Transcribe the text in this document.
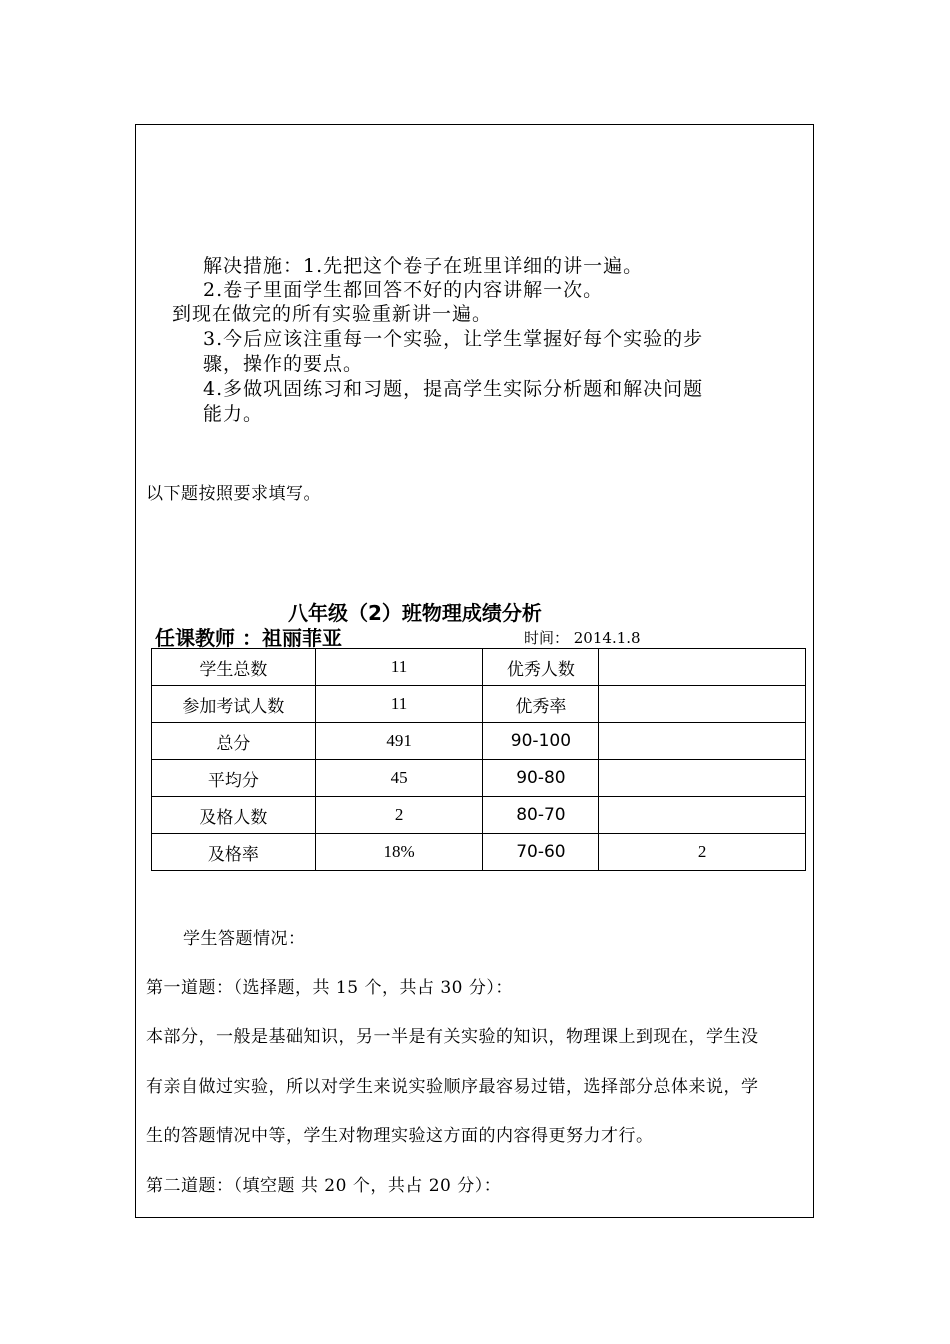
解决措施：1.先把这个卷子在班里详细的讲一遍。
2.卷子里面学生都回答不好的内容讲解一次。
到现在做完的所有实验重新讲一遍。
3.今后应该注重每一个实验，让学生掌握好每个实验的步
骤，操作的要点。
4.多做巩固练习和习题，提高学生实际分析题和解决问题
能力。
以下题按照要求填写。
八年级（2）班物理成绩分析
任课教师 ：祖丽菲亚	时间： 2014.1.8
学生总数	11	优秀人数	
参加考试人数	11	优秀率	
总分	491	90-100	
平均分	45	90-80	
及格人数	2	80-70	
及格率	18%	70-60	2
学生答题情况：
第一道题：（选择题，共 15 个，共占 30 分）：
本部分，一般是基础知识，另一半是有关实验的知识，物理课上到现在，学生没
有亲自做过实验，所以对学生来说实验顺序最容易过错，选择部分总体来说，学
生的答题情况中等，学生对物理实验这方面的内容得更努力才行。
第二道题：（填空题 共 20 个，共占 20 分）：
